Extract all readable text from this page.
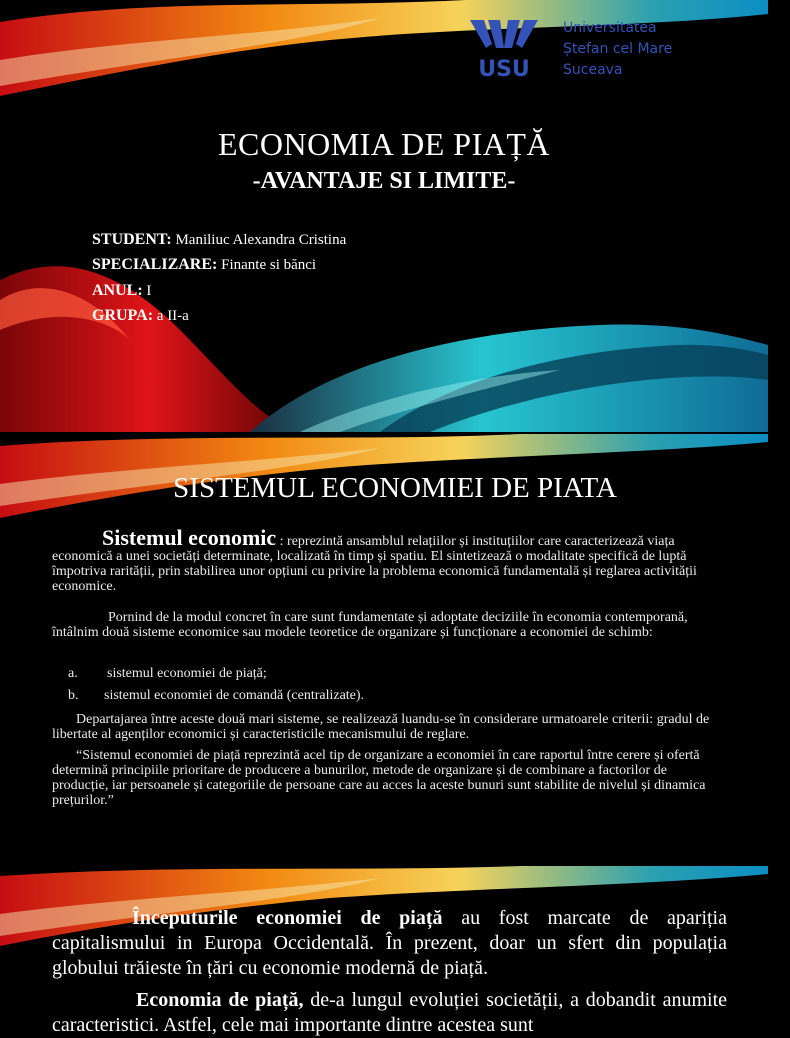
USU
Universitatea
Ștefan cel Mare
Suceava
ECONOMIA DE PIAȚĂ
-AVANTAJE SI LIMITE-
STUDENT: Maniliuc Alexandra Cristina
SPECIALIZARE: Finante si bănci
ANUL: I
GRUPA: a II-a
SISTEMUL ECONOMIEI DE PIATA
Sistemul economic : reprezintă ansamblul relațiilor și instituțiilor care caracterizează viața economică a unei societăți determinate, localizată în timp și spatiu. El sintetizează o modalitate specifică de luptă împotriva rarității, prin stabilirea unor opțiuni cu privire la problema economică fundamentală și reglarea activității economice.
Pornind de la modul concret în care sunt fundamentate și adoptate deciziile în economia contemporană, întâlnim două sisteme economice sau modele teoretice de organizare și funcționare a economiei de schimb:
a. sistemul economiei de piață;
b. sistemul economiei de comandă (centralizate).
Departajarea între aceste două mari sisteme, se realizează luandu-se în considerare urmatoarele criterii: gradul de libertate al agenților economici și caracteristicile mecanismului de reglare.
“Sistemul economiei de piață reprezintă acel tip de organizare a economiei în care raportul între cerere și ofertă determină principiile prioritare de producere a bunurilor, metode de organizare și de combinare a factorilor de producție, iar persoanele și categoriile de persoane care au acces la aceste bunuri sunt stabilite de nivelul și dinamica prețurilor.”
Începuturile economiei de piață au fost marcate de apariția capitalismului in Europa Occidentală. În prezent, doar un sfert din populația globului trăieste în țări cu economie modernă de piață.
Economia de piață, de-a lungul evoluției societății, a dobandit anumite caracteristici. Astfel, cele mai importante dintre acestea sunt
